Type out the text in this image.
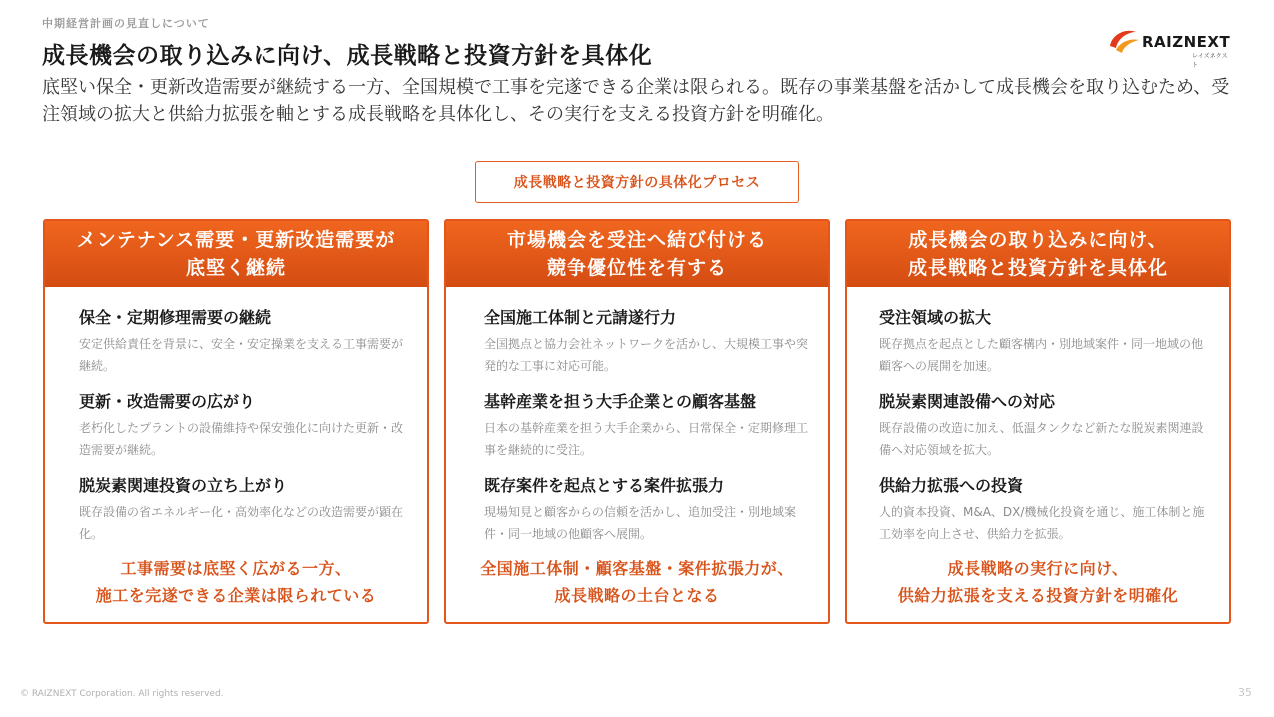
中期経営計画の見直しについて
成長機会の取り込みに向け、成長戦略と投資方針を具体化
底堅い保全・更新改造需要が継続する一方、全国規模で工事を完遂できる企業は限られる。既存の事業基盤を活かして成長機会を取り込むため、受注領域の拡大と供給力拡張を軸とする成長戦略を具体化し、その実行を支える投資方針を明確化。
RAIZNEXT
レイズネクスト
成長戦略と投資方針の具体化プロセス
メンテナンス需要・更新改造需要が
底堅く継続
保全・定期修理需要の継続
安定供給責任を背景に、安全・安定操業を支える工事需要が継続。
更新・改造需要の広がり
老朽化したプラントの設備維持や保安強化に向けた更新・改造需要が継続。
脱炭素関連投資の立ち上がり
既存設備の省エネルギー化・高効率化などの改造需要が顕在化。
工事需要は底堅く広がる一方、
施工を完遂できる企業は限られている
市場機会を受注へ結び付ける
競争優位性を有する
全国施工体制と元請遂行力
全国拠点と協力会社ネットワークを活かし、大規模工事や突発的な工事に対応可能。
基幹産業を担う大手企業との顧客基盤
日本の基幹産業を担う大手企業から、日常保全・定期修理工事を継続的に受注。
既存案件を起点とする案件拡張力
現場知見と顧客からの信頼を活かし、追加受注・別地域案件・同一地域の他顧客へ展開。
全国施工体制・顧客基盤・案件拡張力が、
成長戦略の土台となる
成長機会の取り込みに向け、
成長戦略と投資方針を具体化
受注領域の拡大
既存拠点を起点とした顧客構内・別地域案件・同一地域の他顧客への展開を加速。
脱炭素関連設備への対応
既存設備の改造に加え、低温タンクなど新たな脱炭素関連設備へ対応領域を拡大。
供給力拡張への投資
人的資本投資、M&A、DX/機械化投資を通じ、施工体制と施工効率を向上させ、供給力を拡張。
成長戦略の実行に向け、
供給力拡張を支える投資方針を明確化
© RAIZNEXT Corporation. All rights reserved.	35
